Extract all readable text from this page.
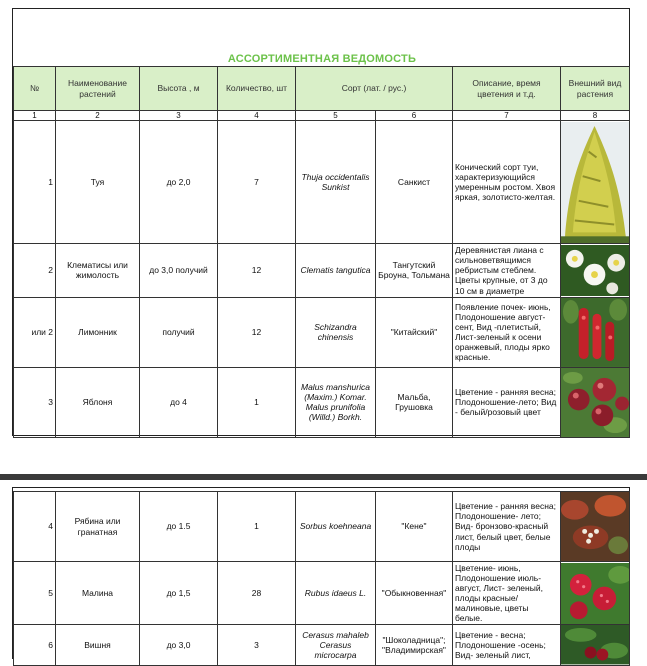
АССОРТИМЕНТНАЯ ВЕДОМОСТЬ
№	Наименование растений	Высота , м	Количество, шт	Сорт (лат. / рус.)		Описание, время цветения и т.д.	Внешний вид растения
1	2	3	4	5	6	7	8
1	Туя	до 2,0	7	Thuja occidentalis Sunkist	Санкист	Конический сорт туи, характеризующийся умеренным ростом. Хвоя яркая, золотисто-желтая.	

2	Клематисы или жимолость	до 3,0 получий	12	Clematis tangutica	Тангутский Броуна, Тольмана	Деревянистая лиана с сильноветвящимся ребристым стеблем. Цветы крупные, от 3 до 10 см в диаметре	

или 2	Лимонник	получий	12	Schizandra chinensis	"Китайский"	Появление почек- июнь, Плодоношение август-сент, Вид -плетистый, Лист-зеленый к осени оранжевый, плоды ярко красные.	

3	Яблоня	до 4	1	Malus manshurica (Maxim.) Komar. Malus prunifolia (Willd.) Borkh.	Мальба, Грушовка	Цветение - ранняя весна; Плодоношение-лето; Вид - белый/розовый цвет	
4	Рябина или гранатная	до 1.5	1	Sorbus koehneana	"Кене"	Цветение - ранняя весна; Плодоношение- лето; Вид- бронзово-красный лист, белый цвет, белые плоды	

5	Малина	до 1,5	28	Rubus idaeus L.	"Обыкновенная"	Цветение- июнь, Плодоношение июль-август, Лист- зеленый, плоды красные/малиновые, цветы белые.	

6	Вишня	до 3,0	3	Cerasus mahaleb Cerasus microcarpa	"Шоколадница"; "Владимирская"	Цветение - весна; Плодоношение -осень; Вид- зеленый лист,	
